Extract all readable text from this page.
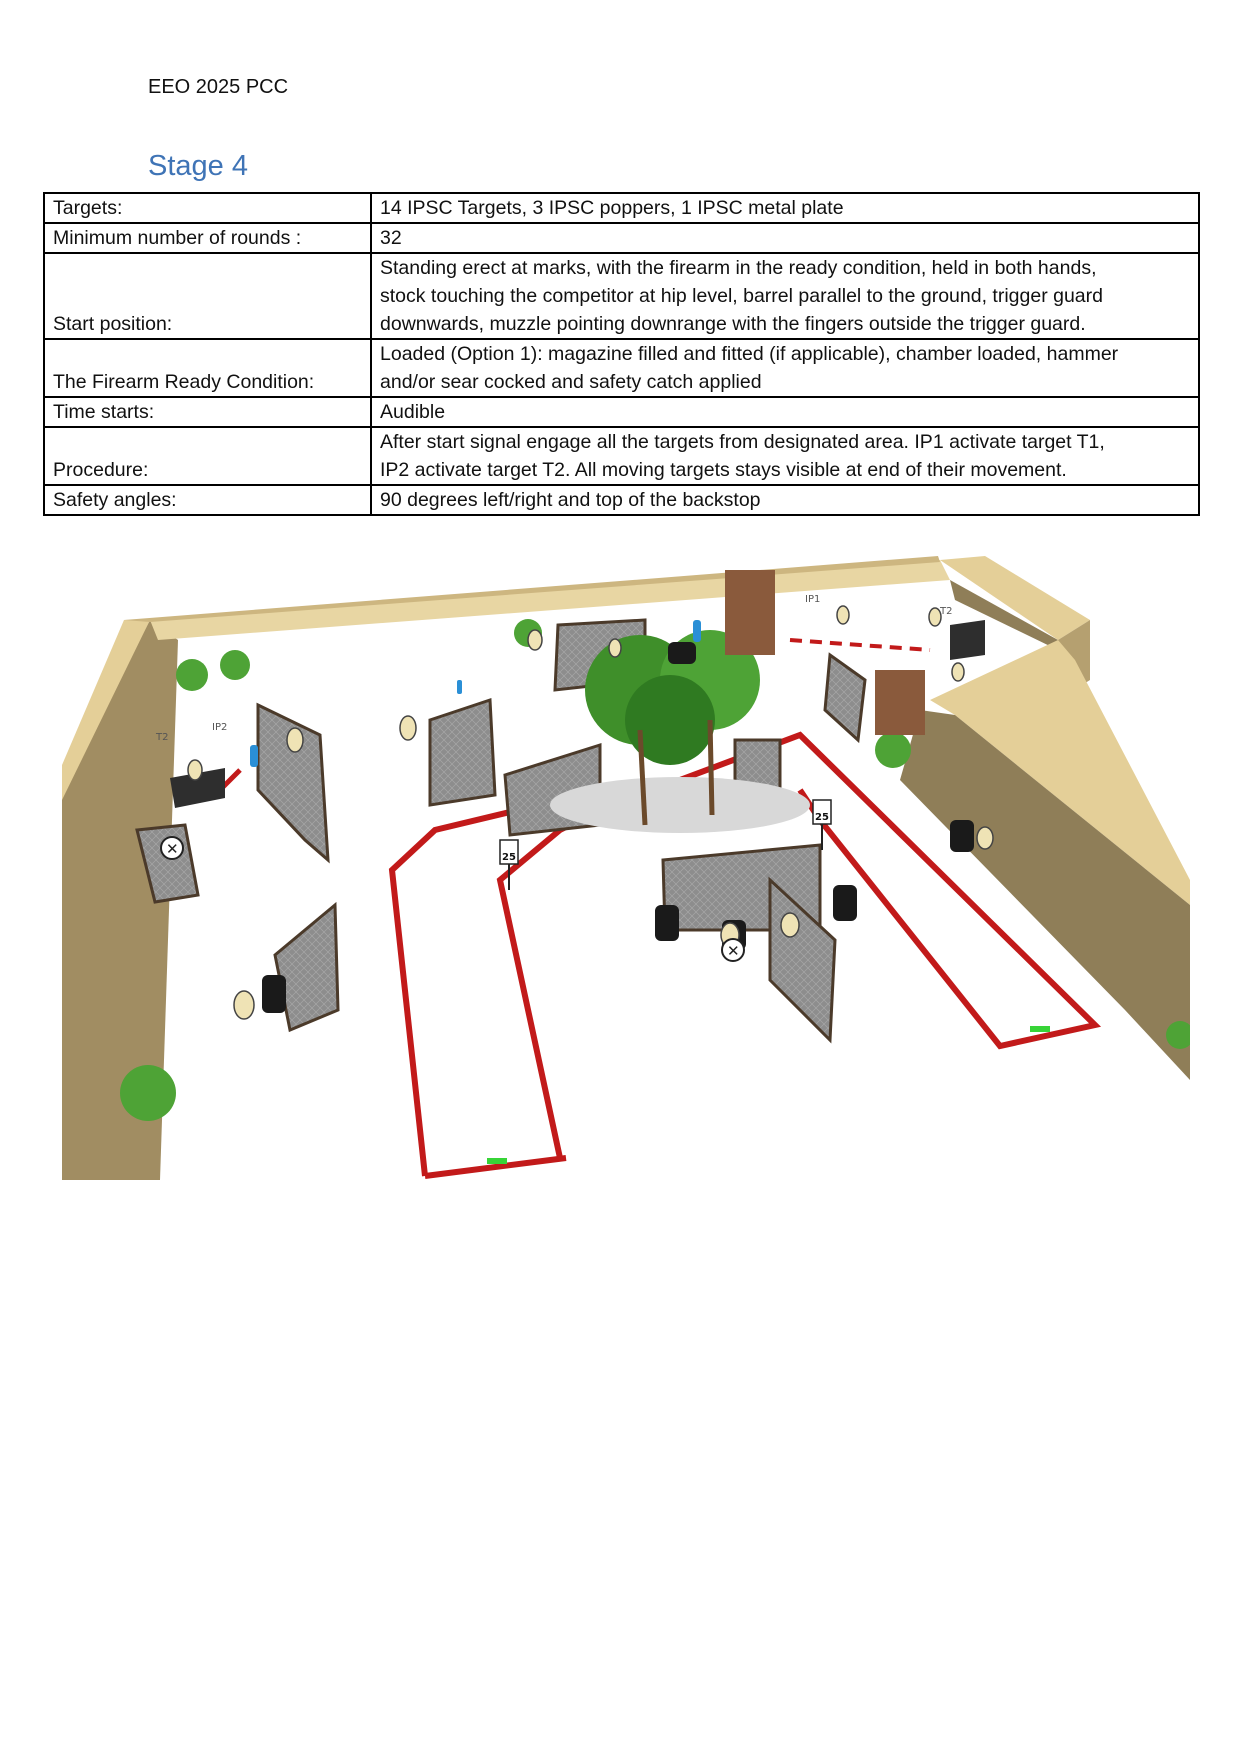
EEO 2025 PCC
Stage 4
Targets:	14 IPSC Targets, 3 IPSC poppers, 1 IPSC metal plate
Minimum number of rounds :	32
Start position:	Standing erect at marks, with the firearm in the ready condition, held in both hands,
stock touching the competitor at hip level, barrel parallel to the ground, trigger guard
downwards, muzzle pointing downrange with the fingers outside the trigger guard.

The Firearm Ready Condition:	Loaded (Option 1): magazine filled and fitted (if applicable), chamber loaded, hammer
and/or sear cocked and safety catch applied

Time starts:	Audible
Procedure:	After start signal engage all the targets from designated area. IP1 activate target T1,
IP2 activate target T2. All moving targets stays visible at end of their movement.

Safety angles:	90 degrees left/right and top of the backstop
✕
✕
25
25
IP1
IP2
T2
T2
